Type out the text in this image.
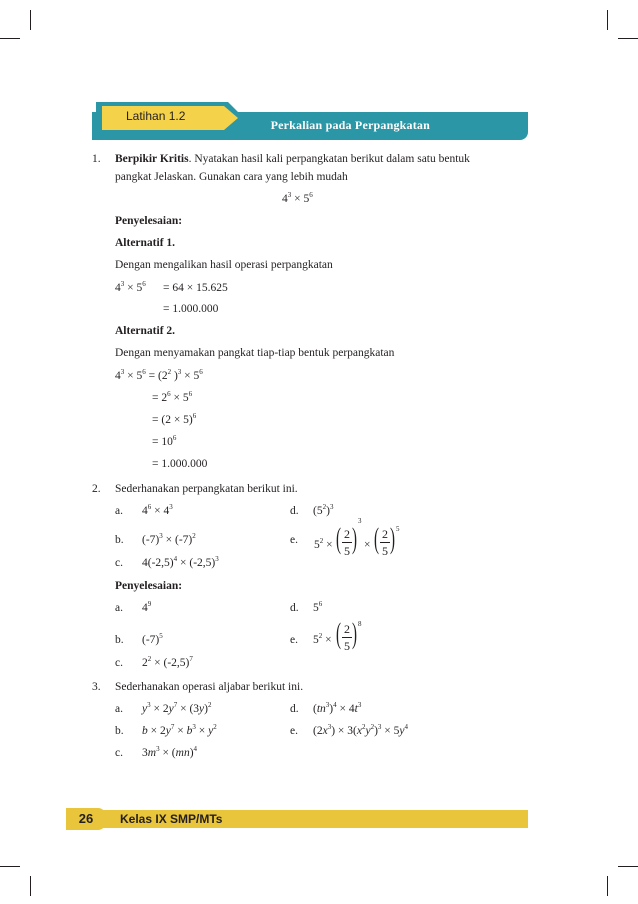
Perkalian pada Perpangkatan
Latihan 1.2
1. Berpikir Kritis. Nyatakan hasil kali perpangkatan berikut dalam satu bentuk
pangkat Jelaskan. Gunakan cara yang lebih mudah
$4^3 \times 5^6$
Penyelesaian:
Alternatif 1.
Dengan mengalikan hasil operasi perpangkatan
$4^3 \times 5^6 = 64 \times 15.625$
= 1.000.000
Alternatif 2.
Dengan menyamakan pangkat tiap-tiap bentuk perpangkatan
$4^3 \times 5^6 = (2^2$ )$^3 \times 5^6$
= $2^6 \times 5^6$
= $(2 \times 5)^6$
= $10^6$
= 1.000.000
2. Sederhanakan perpangkatan berikut ini.
a. $4^6 \times 4^3$	d. $(5^2)^3$
b. $(-7)^3 \times (-7)^2$	e. $5^2$ × ( 2
5 )
3
× ( 2
5 ) 5
c. $4(-2,5)^4 \times (-2,5)^3$
Penyelesaian:
a. $4^9$	d. $5^6$
b. $(-7)^5$	e. $5^2$ × ( 2
5 ) 8
c. $2^2 \times (-2,5)^7$
3. Sederhanakan operasi aljabar berikut ini.
a. $y^3 \times 2y^7 \times (3y)^2$	d. $(tn^3)^4 \times 4t^3$
b. $b \times 2y^7 \times b^3 \times y^2$	e. $(2x^3) \times 3(x^2y^2)^3 \times 5y^4$
c. $3m^3 \times (mn)^4$
26	Kelas IX SMP/MTs
